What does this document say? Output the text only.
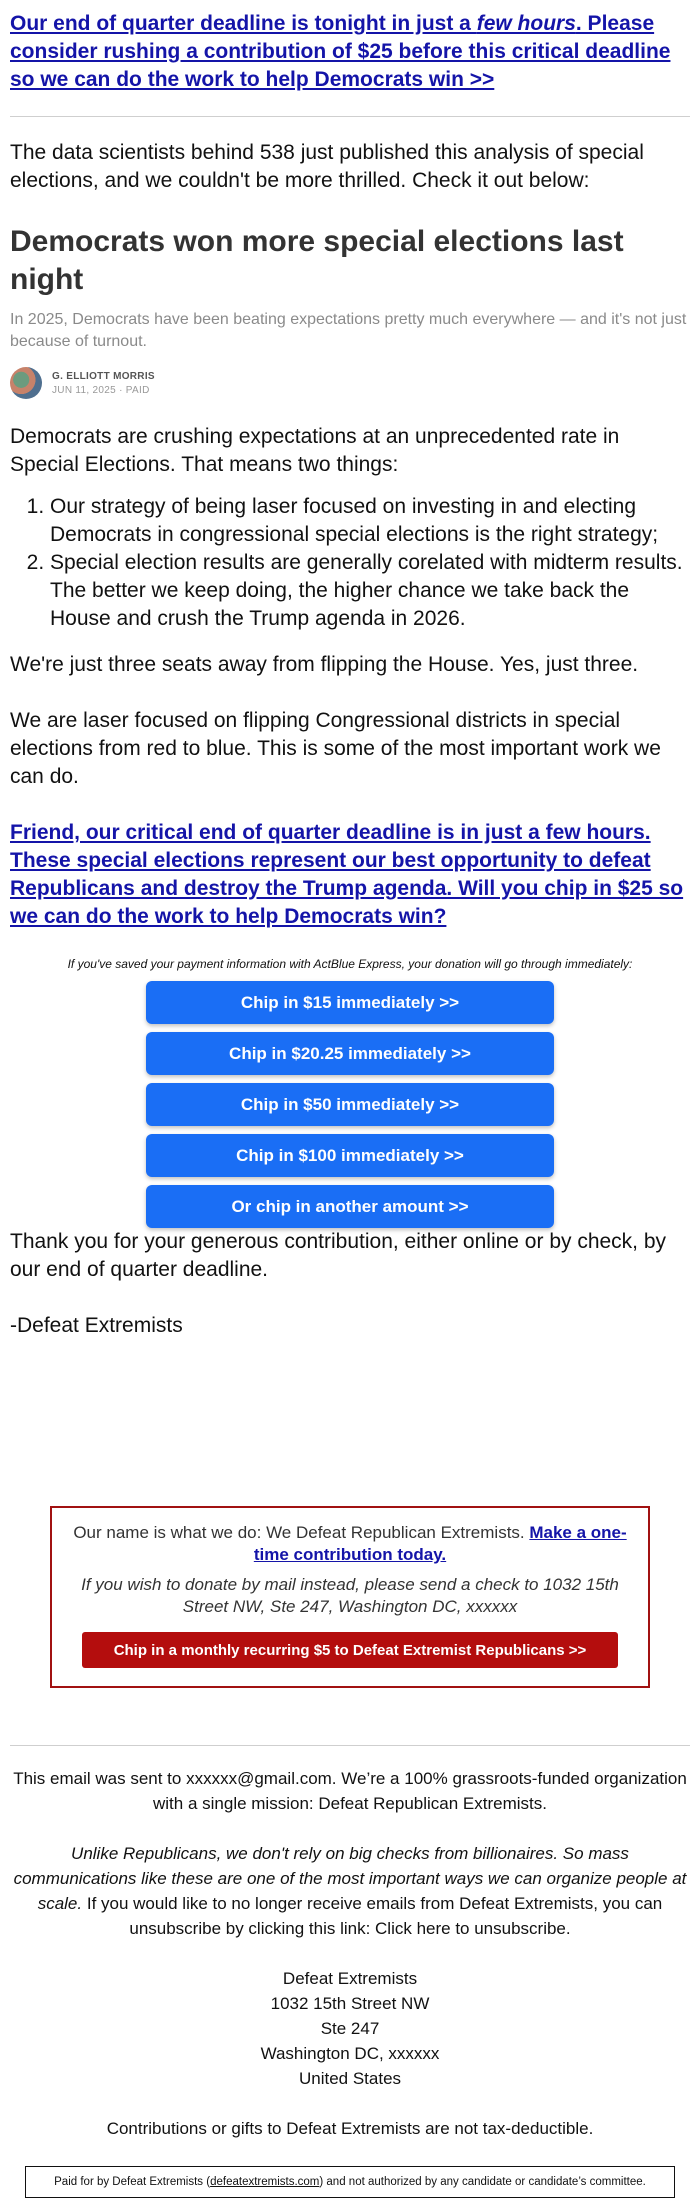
Our end of quarter deadline is tonight in just a few hours. Please consider rushing a contribution of $25 before this critical deadline so we can do the work to help Democrats win >>

The data scientists behind 538 just published this analysis of special elections, and we couldn't be more thrilled. Check it out below:

Democrats won more special elections last night
In 2025, Democrats have been beating expectations pretty much everywhere — and it's not just because of turnout.
G. ELLIOTT MORRIS
JUN 11, 2025 · PAID

Democrats are crushing expectations at an unprecedented rate in Special Elections. That means two things:

1. Our strategy of being laser focused on investing in and electing Democrats in congressional special elections is the right strategy;
2. Special election results are generally corelated with midterm results. The better we keep doing, the higher chance we take back the House and crush the Trump agenda in 2026.

We're just three seats away from flipping the House. Yes, just three.

We are laser focused on flipping Congressional districts in special elections from red to blue. This is some of the most important work we can do.

Friend, our critical end of quarter deadline is in just a few hours. These special elections represent our best opportunity to defeat Republicans and destroy the Trump agenda. Will you chip in $25 so we can do the work to help Democrats win?
If you've saved your payment information with ActBlue Express, your donation will go through immediately:
Chip in $15 immediately >>
Chip in $20.25 immediately >>
Chip in $50 immediately >>
Chip in $100 immediately >>
Or chip in another amount >>

Thank you for your generous contribution, either online or by check, by our end of quarter deadline.

-Defeat Extremists

Our name is what we do: We Defeat Republican Extremists. Make a one-time contribution today.
If you wish to donate by mail instead, please send a check to 1032 15th Street NW, Ste 247, Washington DC, xxxxxx
Chip in a monthly recurring $5 to Defeat Extremist Republicans >>

This email was sent to xxxxxx@gmail.com. We’re a 100% grassroots-funded organization with a single mission: Defeat Republican Extremists.

Unlike Republicans, we don't rely on big checks from billionaires. So mass communications like these are one of the most important ways we can organize people at scale. If you would like to no longer receive emails from Defeat Extremists, you can unsubscribe by clicking this link: Click here to unsubscribe.

Defeat Extremists
1032 15th Street NW
Ste 247
Washington DC, xxxxxx
United States

Contributions or gifts to Defeat Extremists are not tax-deductible.

Paid for by Defeat Extremists (defeatextremists.com) and not authorized by any candidate or candidate’s committee.
